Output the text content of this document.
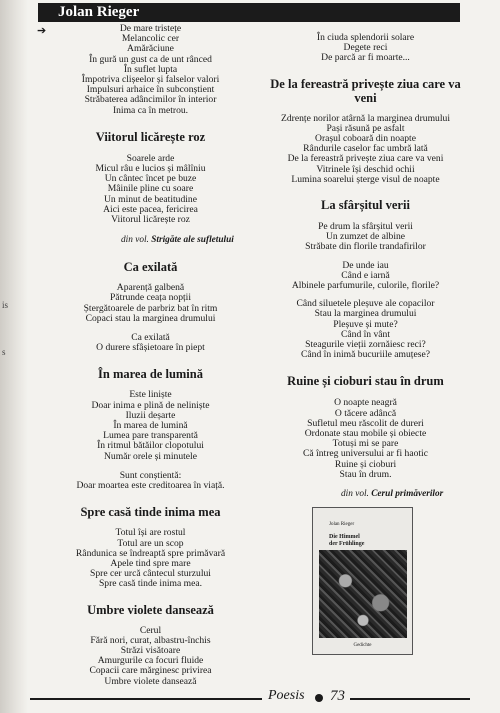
is
s
Jolan Rieger
➔	De mare tristețe
Melancolic cer
Amărăciune
În gură un gust ca de unt rânced
În suflet lupta
Împotriva clișeelor și falselor valori
Impulsuri arhaice în subconștient
Străbaterea adâncimilor în interior
Inima ca în metrou.
Viitorul licărește roz
Soarele arde
Micul râu e lucios și mâlîniu
Un cântec încet pe buze
Mâinile pline cu soare
Un minut de beatitudine
Aici este pacea, fericirea
Viitorul licărește roz
din vol. Strigăte ale sufletului
Ca exilată
Aparență galbenă
Pătrunde ceața nopții
Ștergătoarele de parbriz bat în ritm
Copaci stau la marginea drumului
Ca exilată
O durere sfâșietoare în piept
În marea de lumină
Este liniște
Doar inima e plină de neliniște
Iluzii deșarte
În marea de lumină
Lumea pare transparentă
În ritmul bătăilor clopotului
Număr orele și minutele
Sunt conștientă:
Doar moartea este creditoarea în viață.
Spre casă tinde inima mea
Totul își are rostul
Totul are un scop
Rândunica se îndreaptă spre primăvară
Apele tind spre mare
Spre cer urcă cântecul sturzului
Spre casă tinde inima mea.
Umbre violete dansează
Cerul
Fără nori, curat, albastru-închis
Străzi visătoare
Amurgurile ca focuri fluide
Copacii care mărginesc privirea
Umbre violete dansează
În ciuda splendorii solare
Degete reci
De parcă ar fi moarte...
De la fereastră privește ziua care va veni
Zdrențe norilor atârnă la marginea drumului
Pași răsună pe asfalt
Orașul coboară din noapte
Rândurile caselor fac umbră lată
De la fereastră privește ziua care va veni
Vitrinele își deschid ochii
Lumina soarelui șterge visul de noapte
La sfârșitul verii
Pe drum la sfârșitul verii
Un zumzet de albine
Străbate din florile trandafirilor
De unde iau
Când e iarnă
Albinele parfumurile, culorile, florile?
Când siluetele pleșuve ale copacilor
Stau la marginea drumului
Pleșuve și mute?
Când în vânt
Steagurile vieții zornăiesc reci?
Când în inimă bucuriile amuțese?
Ruine și cioburi stau în drum
O noapte neagră
O tăcere adâncă
Sufletul meu răscolit de dureri
Ordonate stau mobile și obiecte
Totuși mi se pare
Că întreg universului ar fi haotic
Ruine și cioburi
Stau în drum.
din vol. Cerul primăverilor
Jolan Rieger
Die Himmel
der Frühlinge
Gedichte
Poesis 73
